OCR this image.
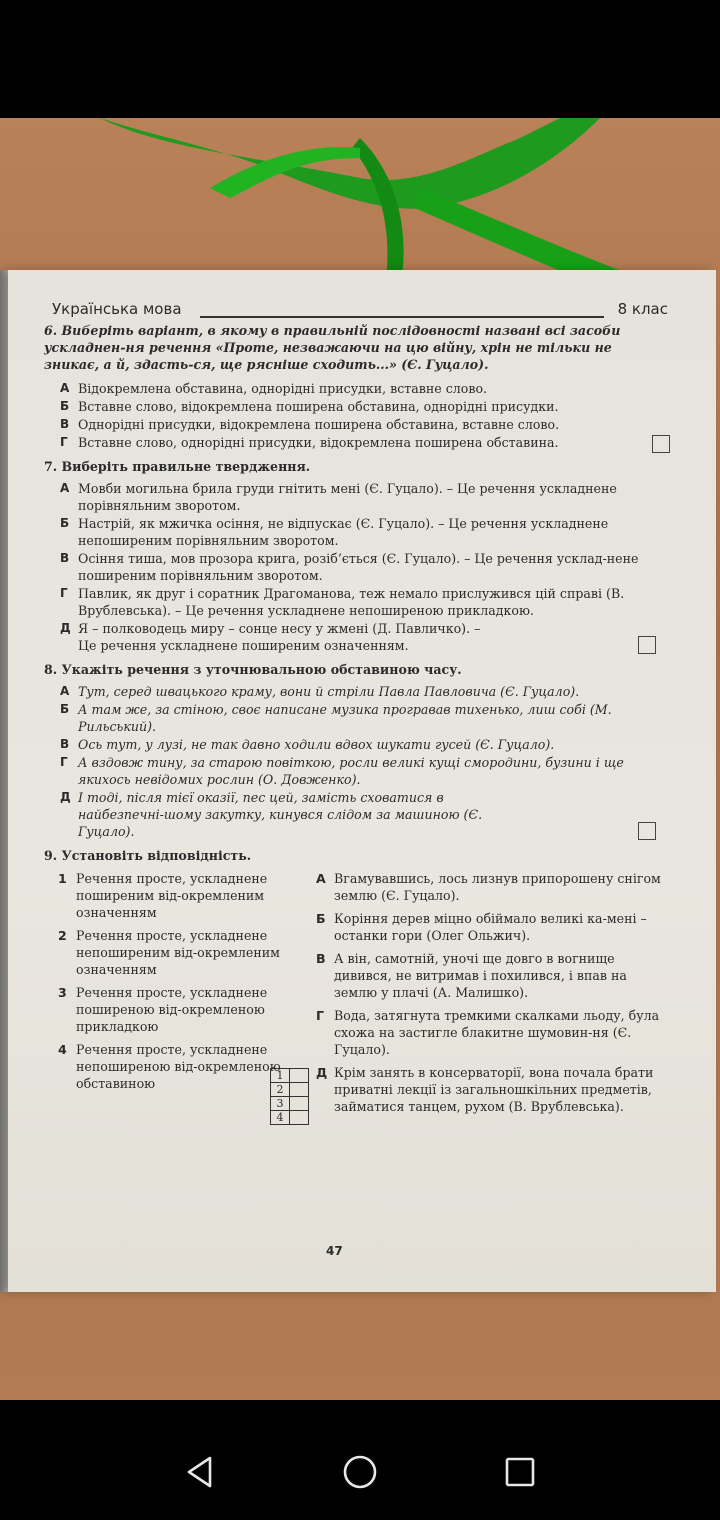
Українська мова	8 клас
6. Виберіть варіант, в якому в правильній послідовності названі всі засоби ускладнен-ня речення «Проте, незважаючи на цю війну, хрін не тільки не зникає, а й, здасть-ся, ще рясніше сходить...» (Є. Гуцало).
А Відокремлена обставина, однорідні присудки, вставне слово.
Б Вставне слово, відокремлена поширена обставина, однорідні присудки.
В Однорідні присудки, відокремлена поширена обставина, вставне слово.
Г Вставне слово, однорідні присудки, відокремлена поширена обставина.
7. Виберіть правильне твердження.
А Мовби могильна брила груди гнітить мені (Є. Гуцало). – Це речення ускладнене порівняльним зворотом.
Б Настрій, як мжичка осіння, не відпускає (Є. Гуцало). – Це речення ускладнене непоширеним порівняльним зворотом.
В Осіння тиша, мов прозора крига, розіб’ється (Є. Гуцало). – Це речення усклад-нене поширеним порівняльним зворотом.
Г Павлик, як друг і соратник Драгоманова, теж немало прислужився цій справі (В. Врублевська). – Це речення ускладнене непоширеною прикладкою.
Д Я – полководець миру – сонце несу у жмені (Д. Павличко). – Це речення ускладнене поширеним означенням.
8. Укажіть речення з уточнювальною обставиною часу.
А Тут, серед швацького краму, вони й стріли Павла Павловича (Є. Гуцало).
Б А там же, за стіною, своє написане музика програвав тихенько, лиш собі (М. Рильський).
В Ось тут, у лузі, не так давно ходили вдвох шукати гусей (Є. Гуцало).
Г А вздовж тину, за старою повіткою, росли великі кущі смородини, бузини і ще якихось невідомих рослин (О. Довженко).
Д І тоді, після тієї оказії, пес цей, замість сховатися в найбезпечні-шому закутку, кинувся слідом за машиною (Є. Гуцало).
9. Установіть відповідність.
1 Речення просте, ускладнене поширеним від-окремленим означенням
2 Речення просте, ускладнене непоширеним від-окремленим означенням
3 Речення просте, ускладнене поширеною від-окремленою прикладкою
4 Речення просте, ускладнене непоширеною від-окремленою обставиною
А Вгамувавшись, лось лизнув припорошену снігом землю (Є. Гуцало).
Б Коріння дерев міцно обіймало великі ка-мені – останки гори (Олег Ольжич).
В А він, самотній, уночі ще довго в вогнище дивився, не витримав і похилився, і впав на землю у плачі (А. Малишко).
Г Вода, затягнута тремкими скалками льоду, була схожа на застигле блакитне шумовин-ня (Є. Гуцало).
Д Крім занять в консерваторії, вона почала брати приватні лекції із загальношкільних предметів, займатися танцем, рухом (В. Врублевська).
1	
2	
3	
4	
47
